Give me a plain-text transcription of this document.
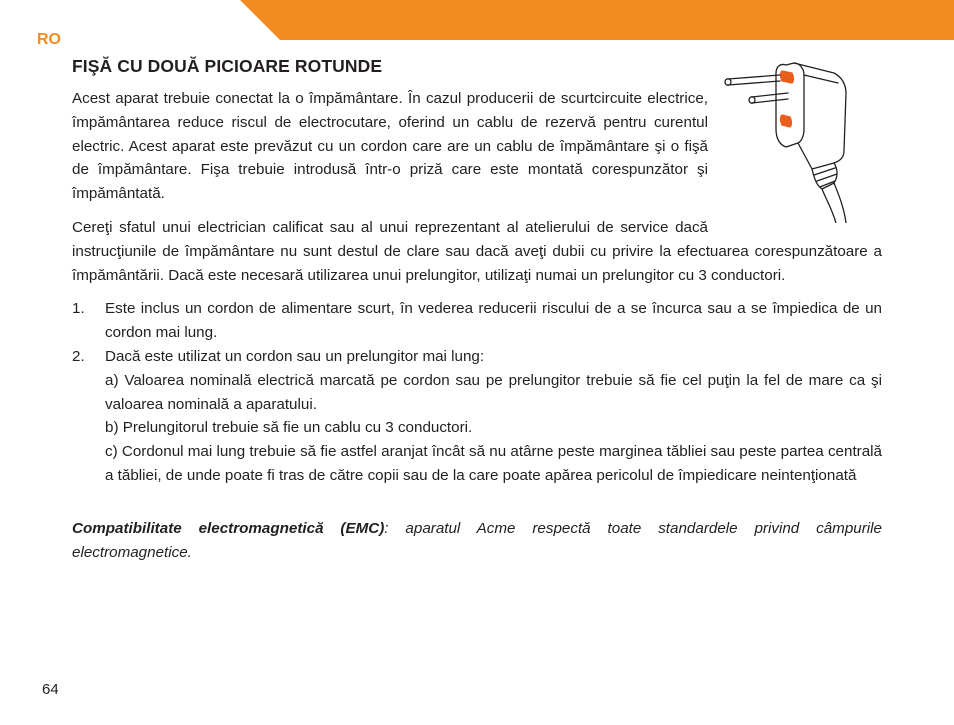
RO
FIŞĂ CU DOUĂ PICIOARE ROTUNDE

Acest aparat trebuie conectat la o împământare. În cazul producerii de scurtcircuite electrice, împământarea reduce riscul de electrocutare, oferind un cablu de rezervă pentru curentul electric. Acest aparat este prevăzut cu un cordon care are un cablu de împământare şi o fişă de împământare. Fişa trebuie introdusă într-o priză care este montată corespunzător şi împământată.

Cereţi sfatul unui electrician calificat sau al unui reprezentant al atelierului de service dacă instrucţiunile de împământare nu sunt destul de clare sau dacă aveţi dubii cu privire la efectuarea corespunzătoare a împământării. Dacă este necesară utilizarea unui prelungitor, utilizaţi numai un prelungitor cu 3 conductori.

1. Este inclus un cordon de alimentare scurt, în vederea reducerii riscului de a se încurca sau a se împiedica de un cordon mai lung.
2. Dacă este utilizat un cordon sau un prelungitor mai lung:
a) Valoarea nominală electrică marcată pe cordon sau pe prelungitor trebuie să fie cel puţin la fel de mare ca şi valoarea nominală a aparatului.
b) Prelungitorul trebuie să fie un cablu cu 3 conductori.
c) Cordonul mai lung trebuie să fie astfel aranjat încât să nu atârne peste marginea tăbliei sau peste partea centrală a tăbliei, de unde poate fi tras de către copii sau de la care poate apărea pericolul de împiedicare neintenţionată

Compatibilitate electromagnetică (EMC): aparatul Acme respectă toate standardele privind câmpurile electromagnetice.

64
